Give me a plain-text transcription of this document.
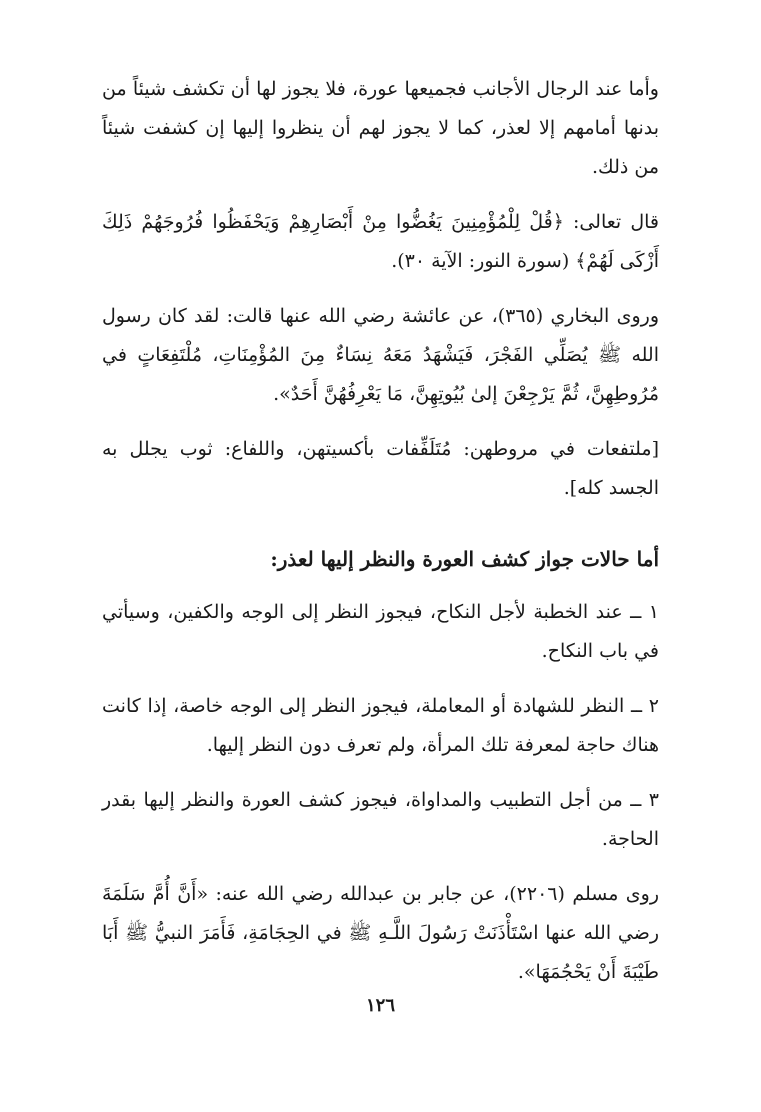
وأما عند الرجال الأجانب فجميعها عورة، فلا يجوز لها أن تكشف شيئاً من بدنها أمامهم إلا لعذر، كما لا يجوز لهم أن ينظروا إليها إن كشفت شيئاً من ذلك.

قال تعالى: ﴿قُلْ لِلْمُؤْمِنِينَ يَغُضُّوا مِنْ أَبْصَارِهِمْ وَيَحْفَظُوا فُرُوجَهُمْ ذَلِكَ أَزْكَى لَهُمْ﴾ (سورة النور: الآية ٣٠).

وروى البخاري (٣٦٥)، عن عائشة رضي الله عنها قالت: لقد كان رسول الله ﷺ يُصَلِّي الفَجْرَ، فَيَشْهَدُ مَعَهُ نِسَاءٌ مِنَ المُؤْمِنَاتِ، مُلْتَفِعَاتٍ في مُرُوطِهِنَّ، ثُمَّ يَرْجِعْنَ إلىٰ بُيُوتِهِنَّ، مَا يَعْرِفُهُنَّ أَحَدٌ».

[ملتفعات في مروطهن: مُتَلَفِّفات بأكسيتهن، واللفاع: ثوب يجلل به الجسد كله].

أما حالات جواز كشف العورة والنظر إليها لعذر:

١ ــ عند الخطبة لأجل النكاح، فيجوز النظر إلى الوجه والكفين، وسيأتي في باب النكاح.

٢ ــ النظر للشهادة أو المعاملة، فيجوز النظر إلى الوجه خاصة، إذا كانت هناك حاجة لمعرفة تلك المرأة، ولم تعرف دون النظر إليها.

٣ ــ من أجل التطبيب والمداواة، فيجوز كشف العورة والنظر إليها بقدر الحاجة.

روى مسلم (٢٢٠٦)، عن جابر بن عبدالله رضي الله عنه: «أَنَّ أُمَّ سَلَمَةَ رضي الله عنها اسْتَأْذَنَتْ رَسُولَ اللَّـهِ ﷺ في الحِجَامَةِ، فَأَمَرَ النبيُّ ﷺ أَبَا طَيْبَةَ أَنْ يَحْجُمَهَا».

١٢٦
